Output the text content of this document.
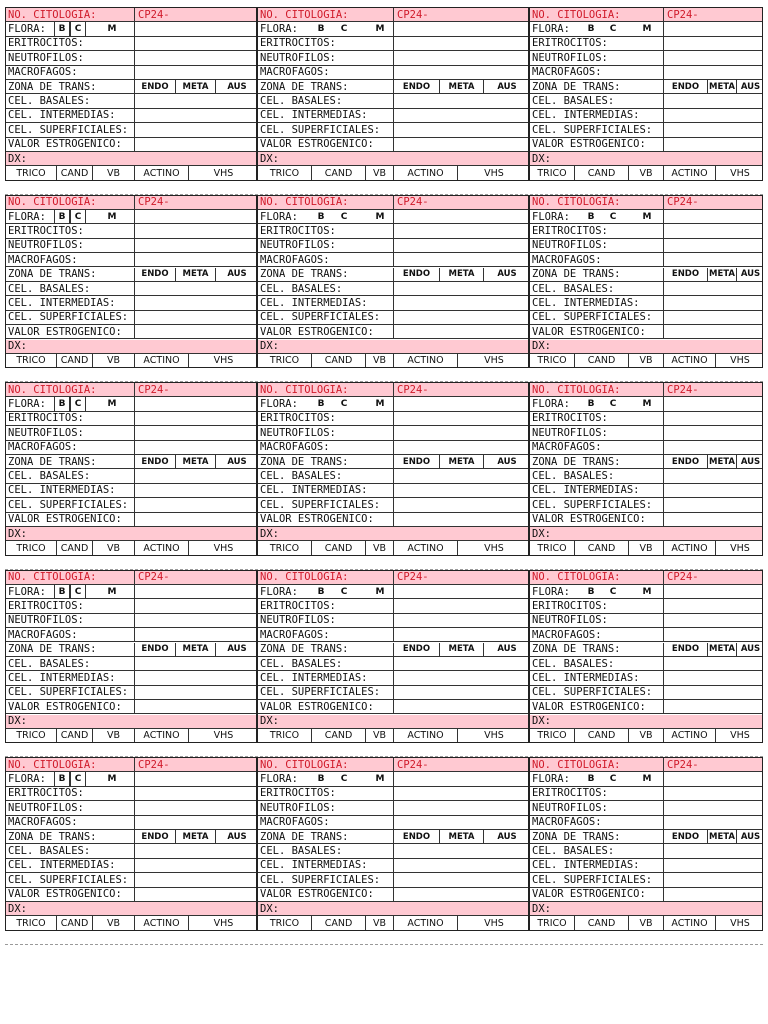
NO. CITOLOGIA:	CP24-
FLORA:	B	C	M
ERITROCITOS:
NEUTROFILOS:
MACROFAGOS:
ZONA DE TRANS:	ENDO	META	AUS
CEL. BASALES:
CEL. INTERMEDIAS:
CEL. SUPERFICIALES:
VALOR ESTROGENICO:
DX:
TRICO	CAND	VB	ACTINO	VHS
NO. CITOLOGIA:	CP24-
FLORA:	B	C	M
ERITROCITOS:
NEUTROFILOS:
MACROFAGOS:
ZONA DE TRANS:	ENDO	META	AUS
CEL. BASALES:
CEL. INTERMEDIAS:
CEL. SUPERFICIALES:
VALOR ESTROGENICO:
DX:
TRICO	CAND	VB	ACTINO	VHS
NO. CITOLOGIA:	CP24-
FLORA:	B	C	M
ERITROCITOS:
NEUTROFILOS:
MACROFAGOS:
ZONA DE TRANS:	ENDO	META AUS
CEL. BASALES:
CEL. INTERMEDIAS:
CEL. SUPERFICIALES:
VALOR ESTROGENICO:
DX:
TRICO	CAND	VB	ACTINO	VHS
NO. CITOLOGIA:	CP24-
FLORA:	B	C	M
ERITROCITOS:
NEUTROFILOS:
MACROFAGOS:
ZONA DE TRANS:	ENDO	META	AUS
CEL. BASALES:
CEL. INTERMEDIAS:
CEL. SUPERFICIALES:
VALOR ESTROGENICO:
DX:
TRICO	CAND	VB	ACTINO	VHS
NO. CITOLOGIA:	CP24-
FLORA:	B	C	M
ERITROCITOS:
NEUTROFILOS:
MACROFAGOS:
ZONA DE TRANS:	ENDO	META	AUS
CEL. BASALES:
CEL. INTERMEDIAS:
CEL. SUPERFICIALES:
VALOR ESTROGENICO:
DX:
TRICO	CAND	VB	ACTINO	VHS
NO. CITOLOGIA:	CP24-
FLORA:	B	C	M
ERITROCITOS:
NEUTROFILOS:
MACROFAGOS:
ZONA DE TRANS:	ENDO	META AUS
CEL. BASALES:
CEL. INTERMEDIAS:
CEL. SUPERFICIALES:
VALOR ESTROGENICO:
DX:
TRICO	CAND	VB	ACTINO	VHS
NO. CITOLOGIA:	CP24-
FLORA:	B	C	M
ERITROCITOS:
NEUTROFILOS:
MACROFAGOS:
ZONA DE TRANS:	ENDO	META	AUS
CEL. BASALES:
CEL. INTERMEDIAS:
CEL. SUPERFICIALES:
VALOR ESTROGENICO:
DX:
TRICO	CAND	VB	ACTINO	VHS
NO. CITOLOGIA:	CP24-
FLORA:	B	C	M
ERITROCITOS:
NEUTROFILOS:
MACROFAGOS:
ZONA DE TRANS:	ENDO	META	AUS
CEL. BASALES:
CEL. INTERMEDIAS:
CEL. SUPERFICIALES:
VALOR ESTROGENICO:
DX:
TRICO	CAND	VB	ACTINO	VHS
NO. CITOLOGIA:	CP24-
FLORA:	B	C	M
ERITROCITOS:
NEUTROFILOS:
MACROFAGOS:
ZONA DE TRANS:	ENDO	META AUS
CEL. BASALES:
CEL. INTERMEDIAS:
CEL. SUPERFICIALES:
VALOR ESTROGENICO:
DX:
TRICO	CAND	VB	ACTINO	VHS
NO. CITOLOGIA:	CP24-
FLORA:	B	C	M
ERITROCITOS:
NEUTROFILOS:
MACROFAGOS:
ZONA DE TRANS:	ENDO	META	AUS
CEL. BASALES:
CEL. INTERMEDIAS:
CEL. SUPERFICIALES:
VALOR ESTROGENICO:
DX:
TRICO	CAND	VB	ACTINO	VHS
NO. CITOLOGIA:	CP24-
FLORA:	B	C	M
ERITROCITOS:
NEUTROFILOS:
MACROFAGOS:
ZONA DE TRANS:	ENDO	META	AUS
CEL. BASALES:
CEL. INTERMEDIAS:
CEL. SUPERFICIALES:
VALOR ESTROGENICO:
DX:
TRICO	CAND	VB	ACTINO	VHS
NO. CITOLOGIA:	CP24-
FLORA:	B	C	M
ERITROCITOS:
NEUTROFILOS:
MACROFAGOS:
ZONA DE TRANS:	ENDO	META AUS
CEL. BASALES:
CEL. INTERMEDIAS:
CEL. SUPERFICIALES:
VALOR ESTROGENICO:
DX:
TRICO	CAND	VB	ACTINO	VHS
NO. CITOLOGIA:	CP24-
FLORA:	B	C	M
ERITROCITOS:
NEUTROFILOS:
MACROFAGOS:
ZONA DE TRANS:	ENDO	META	AUS
CEL. BASALES:
CEL. INTERMEDIAS:
CEL. SUPERFICIALES:
VALOR ESTROGENICO:
DX:
TRICO	CAND	VB	ACTINO	VHS
NO. CITOLOGIA:	CP24-
FLORA:	B	C	M
ERITROCITOS:
NEUTROFILOS:
MACROFAGOS:
ZONA DE TRANS:	ENDO	META	AUS
CEL. BASALES:
CEL. INTERMEDIAS:
CEL. SUPERFICIALES:
VALOR ESTROGENICO:
DX:
TRICO	CAND	VB	ACTINO	VHS
NO. CITOLOGIA:	CP24-
FLORA:	B	C	M
ERITROCITOS:
NEUTROFILOS:
MACROFAGOS:
ZONA DE TRANS:	ENDO	META AUS
CEL. BASALES:
CEL. INTERMEDIAS:
CEL. SUPERFICIALES:
VALOR ESTROGENICO:
DX:
TRICO	CAND	VB	ACTINO	VHS
